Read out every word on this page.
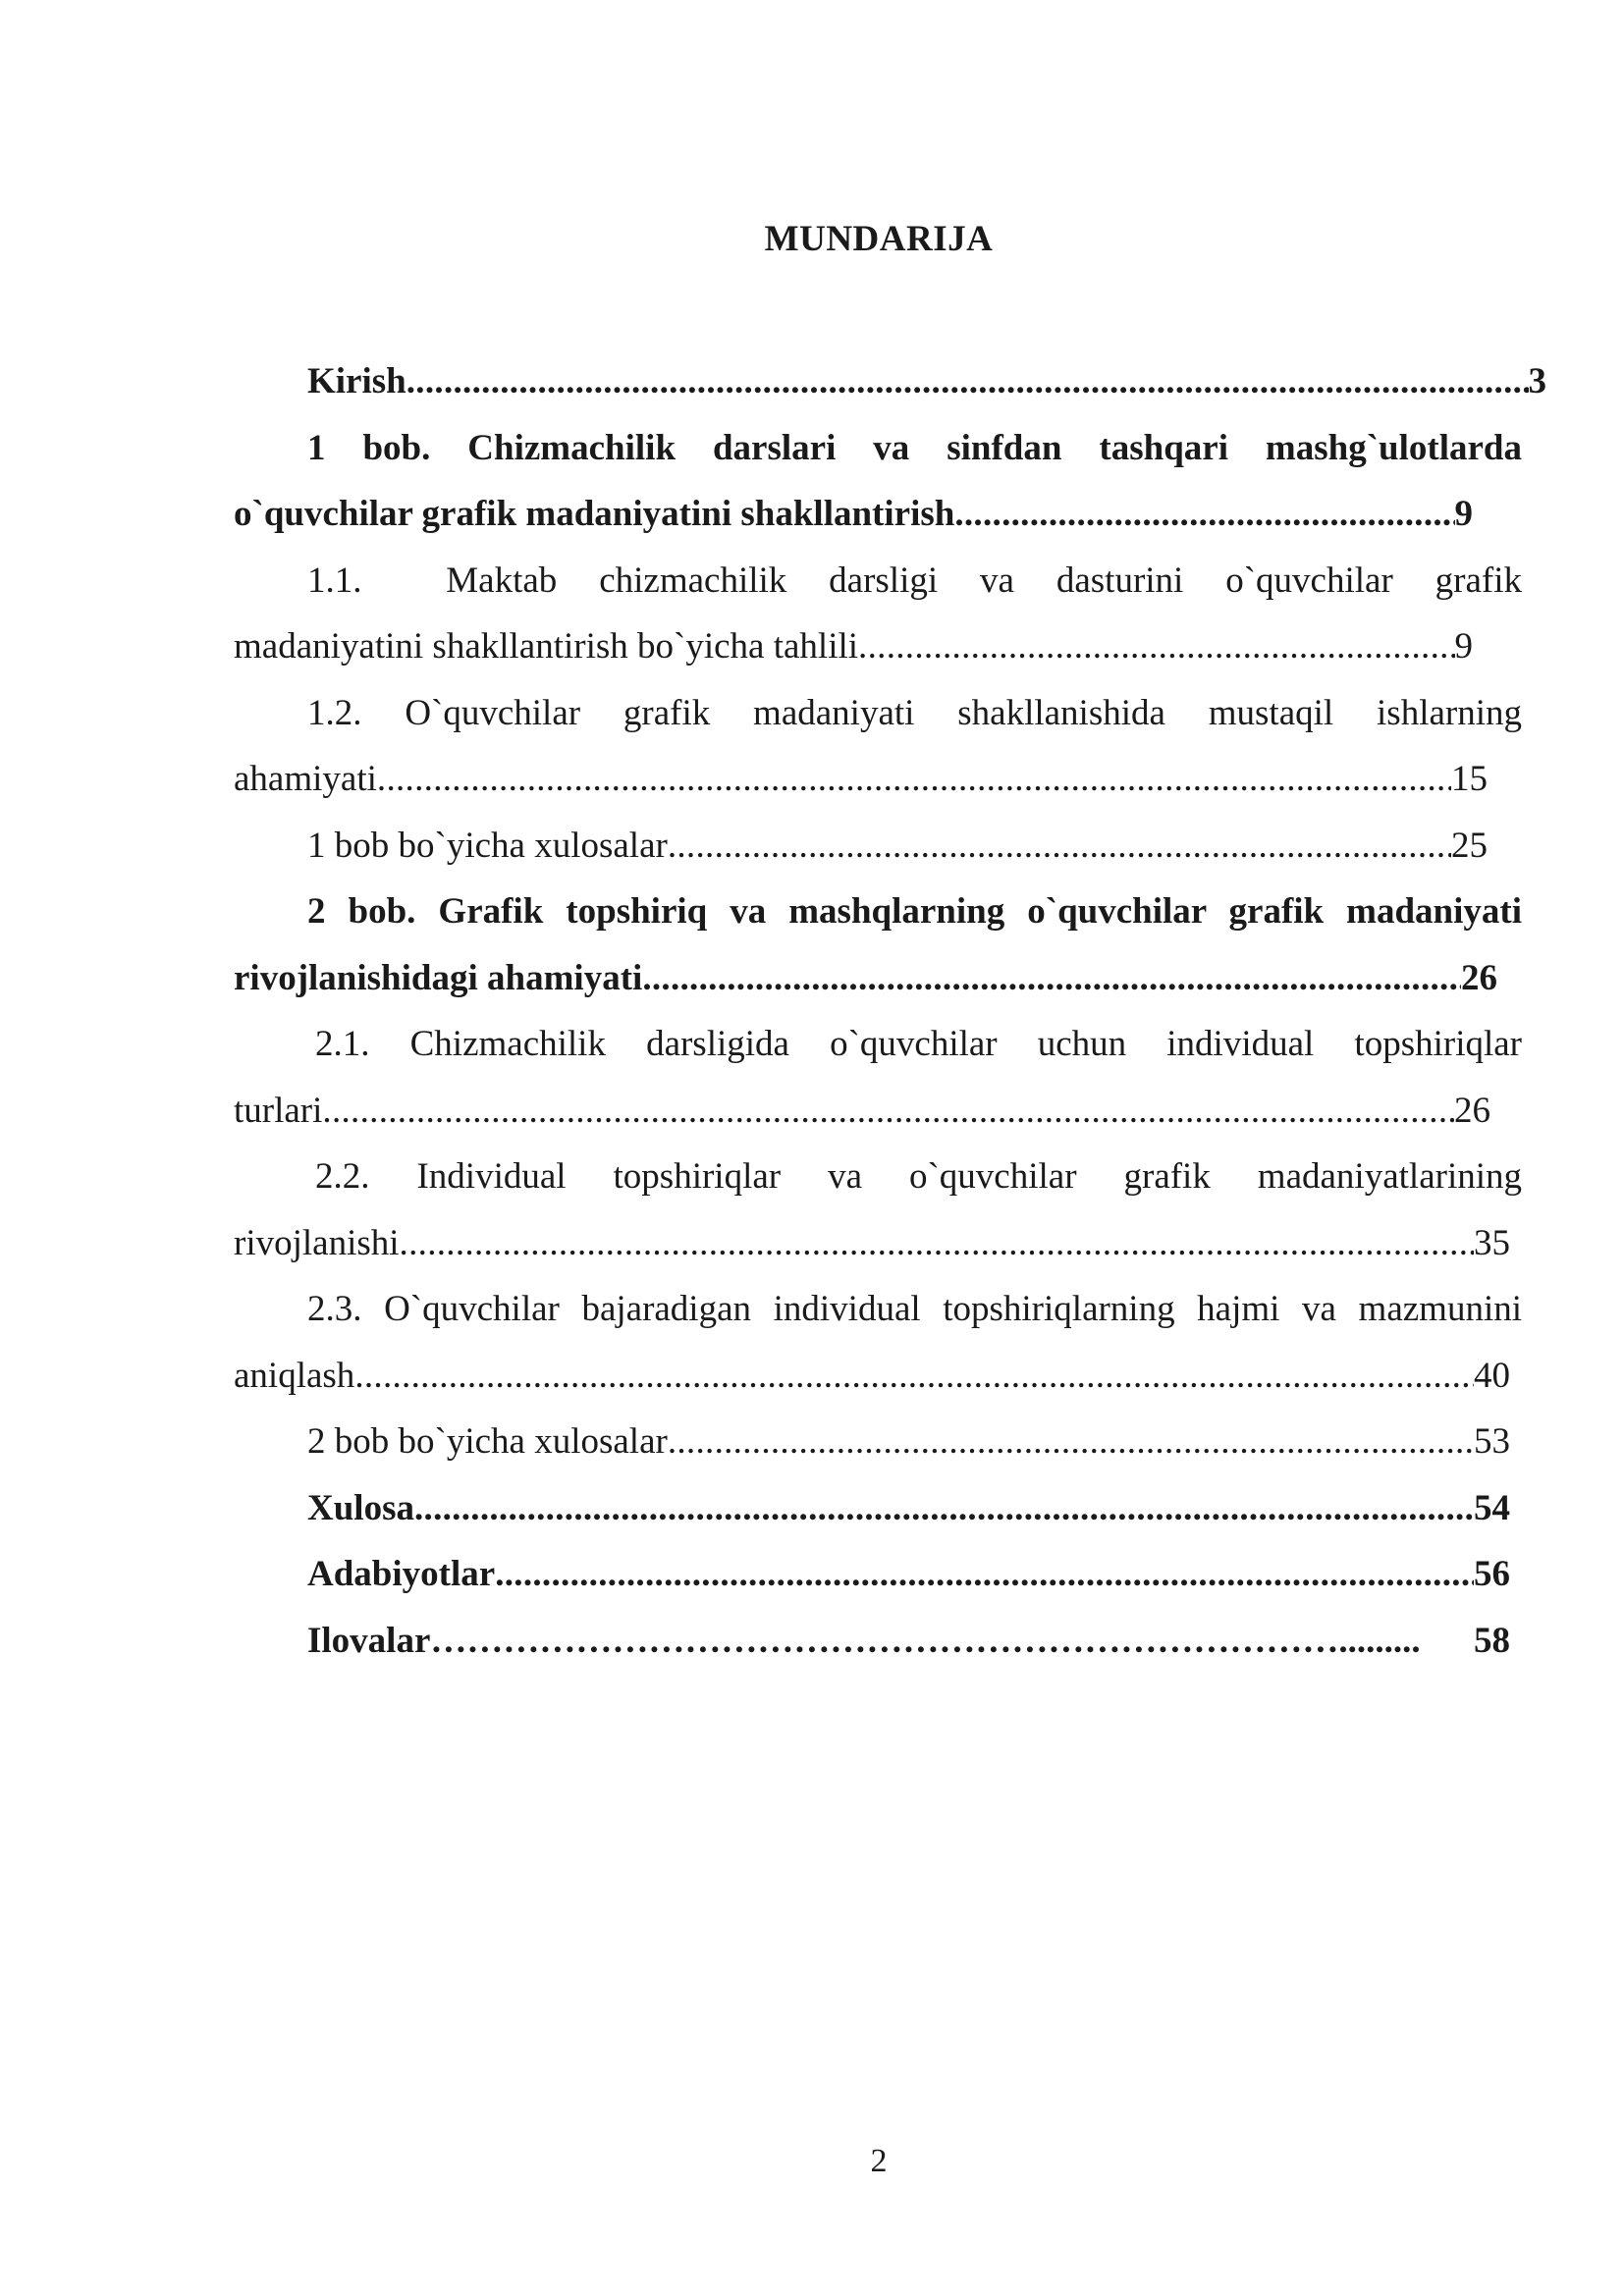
MUNDARIJA
Kirish .....	3
1 bob. Chizmachilik darslari va sinfdan tashqari mashg`ulotlarda
o`quvchilar grafik madaniyatini shakllantirish .....	9
1.1.  Maktab chizmachilik darsligi va dasturini o`quvchilar grafik
madaniyatini shakllantirish bo`yicha tahlili .....	9
1.2. O`quvchilar grafik madaniyati shakllanishida mustaqil ishlarning
ahamiyati .....	15
1 bob bo`yicha xulosalar .....	25
2 bob. Grafik topshiriq va mashqlarning o`quvchilar grafik madaniyati
rivojlanishidagi ahamiyati .....	26
2.1. Chizmachilik darsligida o`quvchilar uchun individual topshiriqlar
turlari .....	26
2.2. Individual topshiriqlar va o`quvchilar grafik madaniyatlarining
rivojlanishi .....	35
2.3. O`quvchilar bajaradigan individual topshiriqlarning hajmi va mazmunini
aniqlash .....	40
2 bob bo`yicha xulosalar .....	53
Xulosa .....	54
Adabiyotlar .....	56
Ilovalar…………………………………………………………………......... 58
2
